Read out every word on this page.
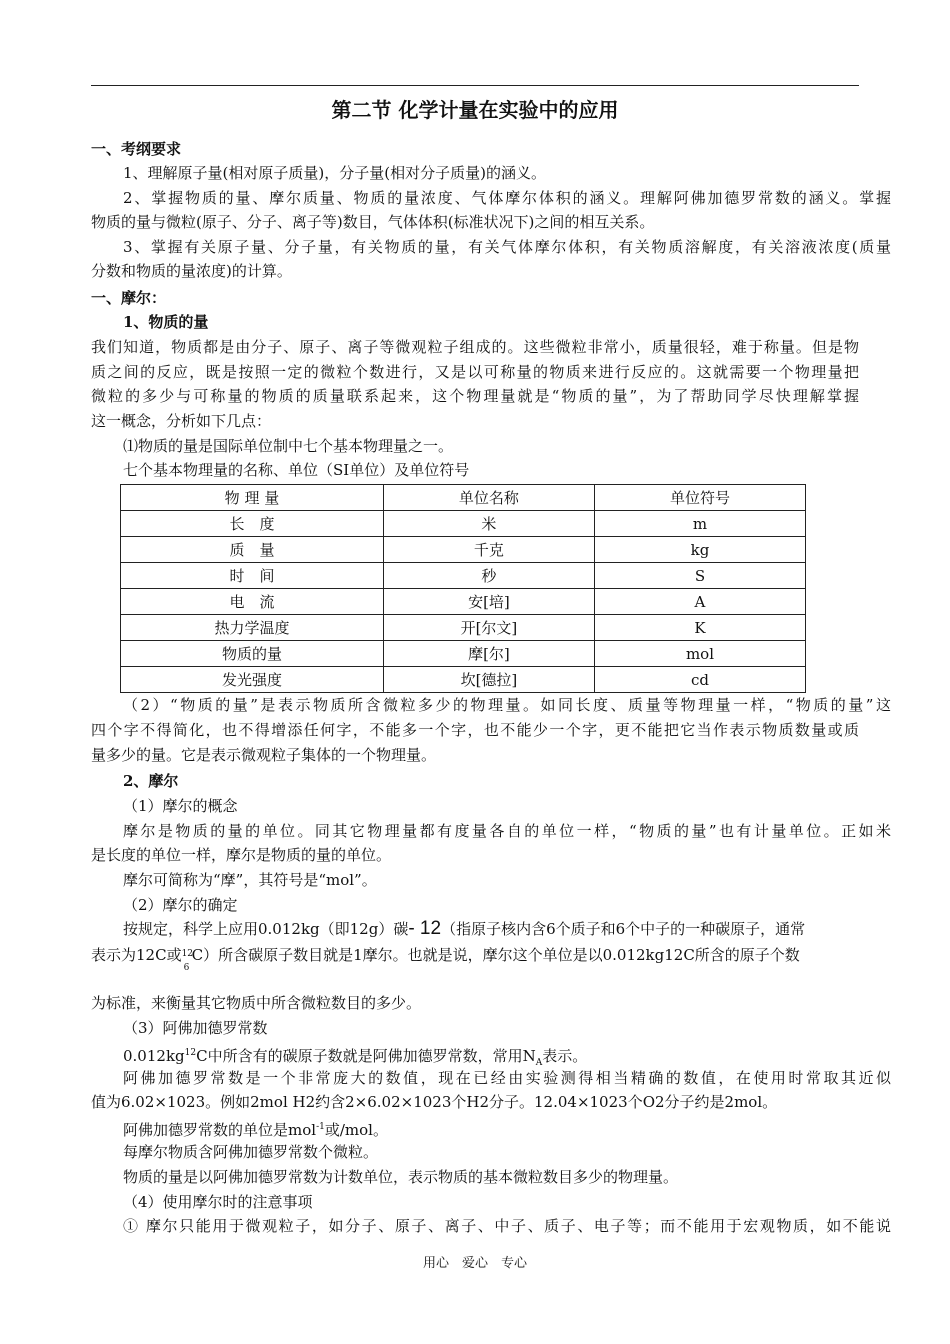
第二节 化学计量在实验中的应用
一、考纲要求
1、理解原子量(相对原子质量)，分子量(相对分子质量)的涵义。
2、掌握物质的量、摩尔质量、物质的量浓度、气体摩尔体积的涵义。理解阿佛加德罗常数的涵义。掌握
物质的量与微粒(原子、分子、离子等)数目，气体体积(标准状况下)之间的相互关系。
3、掌握有关原子量、分子量，有关物质的量，有关气体摩尔体积，有关物质溶解度，有关溶液浓度(质量
分数和物质的量浓度)的计算。
一、摩尔：
1、物质的量
我们知道，物质都是由分子、原子、离子等微观粒子组成的。这些微粒非常小，质量很轻，难于称量。但是物
质之间的反应，既是按照一定的微粒个数进行，又是以可称量的物质来进行反应的。这就需要一个物理量把
微粒的多少与可称量的物质的质量联系起来，这个物理量就是“物质的量”，为了帮助同学尽快理解掌握
这一概念，分析如下几点：
⑴物质的量是国际单位制中七个基本物理量之一。
七个基本物理量的名称、单位（SI单位）及单位符号
物 理 量	单位名称	单位符号
长　度	米	m
质　量	千克	kg
时　间	秒	S
电　流	安[培]	A
热力学温度	开[尔文]	K
物质的量	摩[尔]	mol
发光强度	坎[德拉]	cd
（2）“物质的量”是表示物质所含微粒多少的物理量。如同长度、质量等物理量一样，“物质的量”这
四个字不得简化，也不得增添任何字，不能多一个字，也不能少一个字，更不能把它当作表示物质数量或质
量多少的量。它是表示微观粒子集体的一个物理量。
2、摩尔
（1）摩尔的概念
摩尔是物质的量的单位。同其它物理量都有度量各自的单位一样，“物质的量”也有计量单位。正如米
是长度的单位一样，摩尔是物质的量的单位。
摩尔可简称为“摩”，其符号是“mol”。
（2）摩尔的确定
按规定，科学上应用0.012kg（即12g）碳- 12（指原子核内含6个质子和6个中子的一种碳原子，通常
表示为12C或 12
6
C）所含碳原子数目就是1摩尔。也就是说，摩尔这个单位是以0.012kg12C所含的原子个数
为标准，来衡量其它物质中所含微粒数目的多少。
（3）阿佛加德罗常数
$0.012kg^{12}C$中所含有的碳原子数就是阿佛加德罗常数，常用$N_A$表示。
阿佛加德罗常数是一个非常庞大的数值，现在已经由实验测得相当精确的数值，在使用时常取其近似
值为6.02×1023。例如2mol H2约含2×6.02×1023个H2分子。12.04×1023个O2分子约是2mol。
阿佛加德罗常数的单位是mol$^{-1}$或/mol。
每摩尔物质含阿佛加德罗常数个微粒。
物质的量是以阿佛加德罗常数为计数单位，表示物质的基本微粒数目多少的物理量。
（4）使用摩尔时的注意事项
① 摩尔只能用于微观粒子，如分子、原子、离子、中子、质子、电子等；而不能用于宏观物质，如不能说
用心　爱心　专心
